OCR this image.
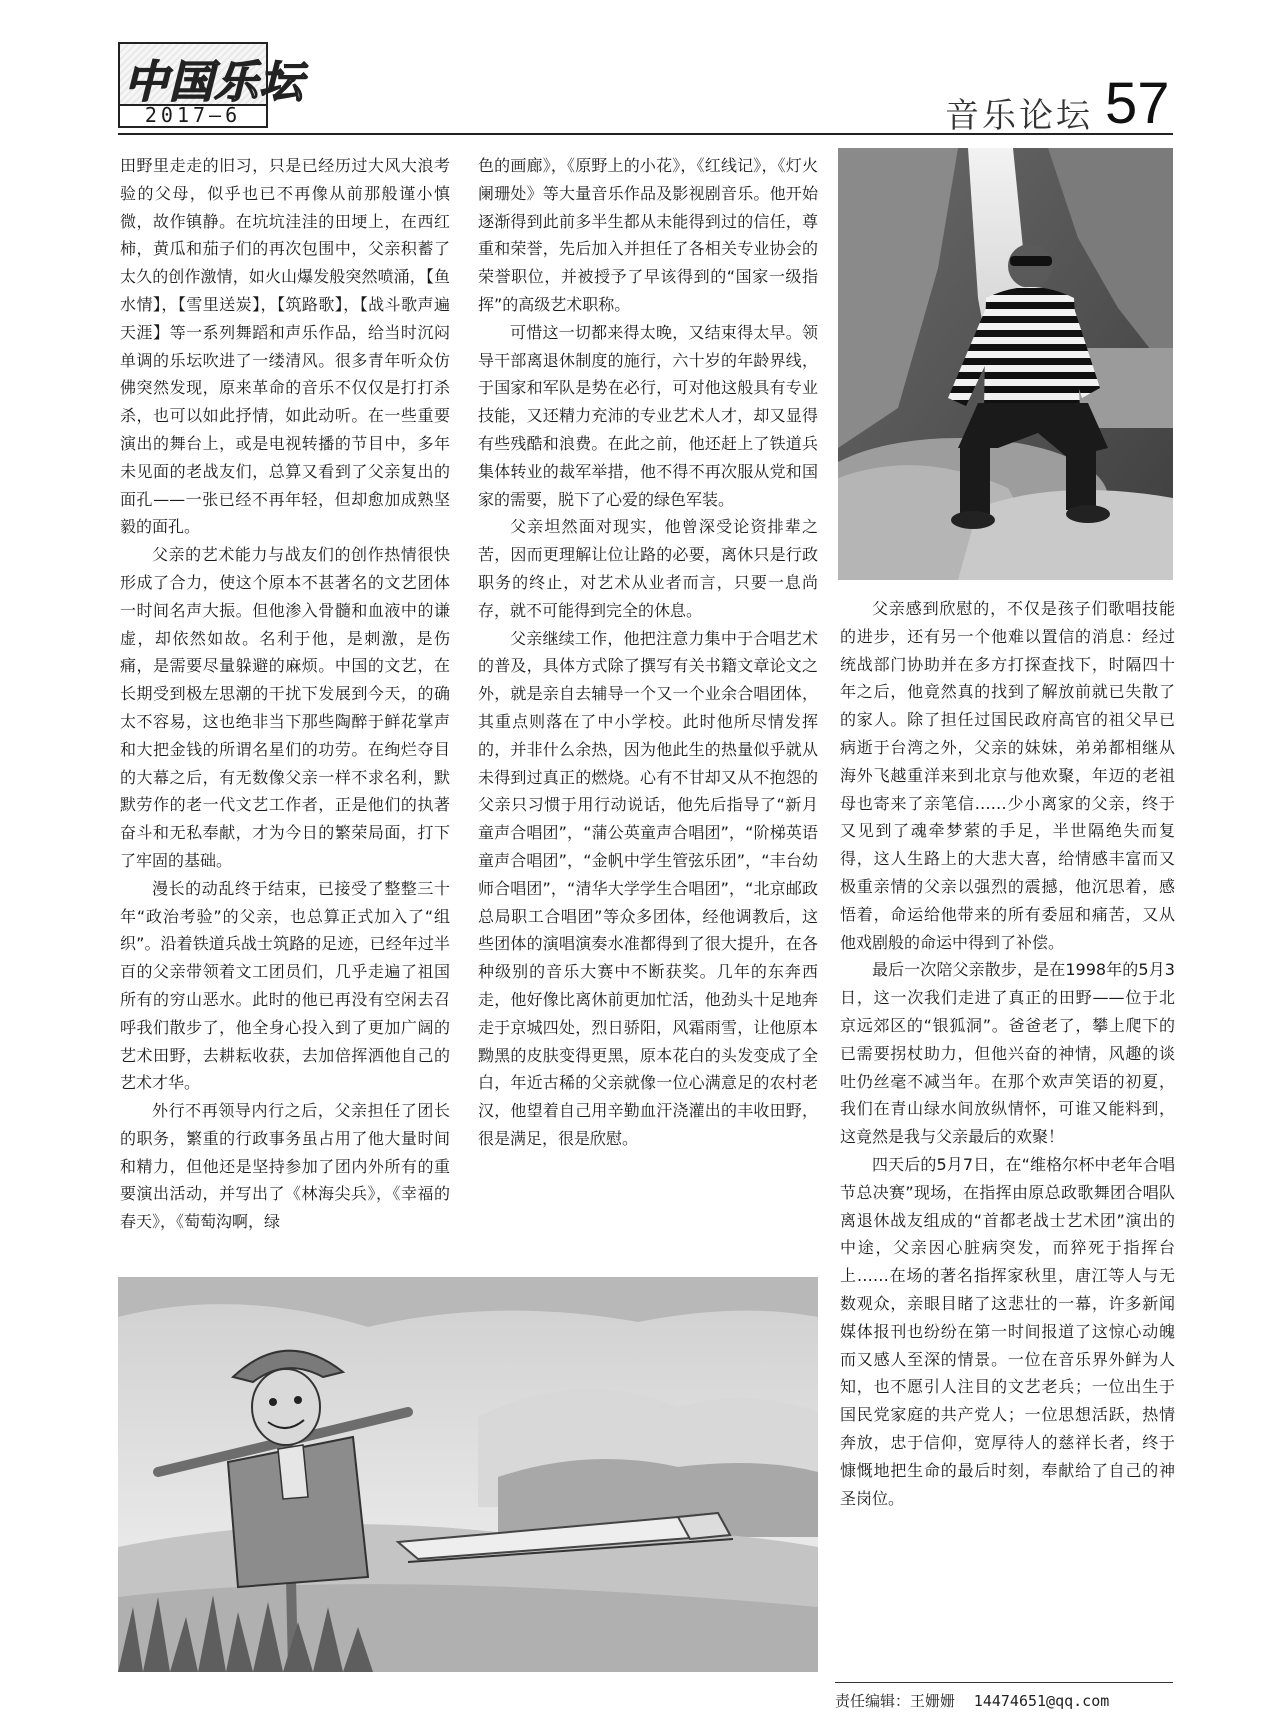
中国乐坛
2017—6	音乐论坛 57

田野里走走的旧习，只是已经历过大风大浪考验的父母，似乎也已不再像从前那般谨小慎微，故作镇静。在坑坑洼洼的田埂上，在西红柿，黄瓜和茄子们的再次包围中，父亲积蓄了太久的创作激情，如火山爆发般突然喷涌，【鱼水情】，【雪里送炭】，【筑路歌】，【战斗歌声遍天涯】等一系列舞蹈和声乐作品，给当时沉闷单调的乐坛吹进了一缕清风。很多青年听众仿佛突然发现，原来革命的音乐不仅仅是打打杀杀，也可以如此抒情，如此动听。在一些重要演出的舞台上，或是电视转播的节目中，多年未见面的老战友们，总算又看到了父亲复出的面孔——一张已经不再年轻，但却愈加成熟坚毅的面孔。

父亲的艺术能力与战友们的创作热情很快形成了合力，使这个原本不甚著名的文艺团体一时间名声大振。但他渗入骨髓和血液中的谦虚，却依然如故。名利于他，是刺激，是伤痛，是需要尽量躲避的麻烦。中国的文艺，在长期受到极左思潮的干扰下发展到今天，的确太不容易，这也绝非当下那些陶醉于鲜花掌声和大把金钱的所谓名星们的功劳。在绚烂夺目的大幕之后，有无数像父亲一样不求名利，默默劳作的老一代文艺工作者，正是他们的执著奋斗和无私奉献，才为今日的繁荣局面，打下了牢固的基础。

漫长的动乱终于结束，已接受了整整三十年“政治考验”的父亲，也总算正式加入了“组织”。沿着铁道兵战士筑路的足迹，已经年过半百的父亲带领着文工团员们，几乎走遍了祖国所有的穷山恶水。此时的他已再没有空闲去召呼我们散步了，他全身心投入到了更加广阔的艺术田野，去耕耘收获，去加倍挥洒他自己的艺术才华。

外行不再领导内行之后，父亲担任了团长的职务，繁重的行政事务虽占用了他大量时间和精力，但他还是坚持参加了团内外所有的重要演出活动，并写出了《林海尖兵》，《幸福的春天》，《萄萄沟啊，绿

色的画廊》，《原野上的小花》，《红线记》，《灯火阑珊处》等大量音乐作品及影视剧音乐。他开始逐渐得到此前多半生都从未能得到过的信任，尊重和荣誉，先后加入并担任了各相关专业协会的荣誉职位，并被授予了早该得到的“国家一级指挥”的高级艺术职称。

可惜这一切都来得太晚，又结束得太早。领导干部离退休制度的施行，六十岁的年龄界线，于国家和军队是势在必行，可对他这般具有专业技能，又还精力充沛的专业艺术人才，却又显得有些残酷和浪费。在此之前，他还赶上了铁道兵集体转业的裁军举措，他不得不再次服从党和国家的需要，脱下了心爱的绿色军装。

父亲坦然面对现实，他曾深受论资排辈之苦，因而更理解让位让路的必要，离休只是行政职务的终止，对艺术从业者而言，只要一息尚存，就不可能得到完全的休息。

父亲继续工作，他把注意力集中于合唱艺术的普及，具体方式除了撰写有关书籍文章论文之外，就是亲自去辅导一个又一个业余合唱团体，其重点则落在了中小学校。此时他所尽情发挥的，并非什么余热，因为他此生的热量似乎就从未得到过真正的燃烧。心有不甘却又从不抱怨的父亲只习惯于用行动说话，他先后指导了“新月童声合唱团”，“蒲公英童声合唱团”，“阶梯英语童声合唱团”，“金帆中学生管弦乐团”，“丰台幼师合唱团”，“清华大学学生合唱团”，“北京邮政总局职工合唱团”等众多团体，经他调教后，这些团体的演唱演奏水准都得到了很大提升，在各种级别的音乐大赛中不断获奖。几年的东奔西走，他好像比离休前更加忙活，他劲头十足地奔走于京城四处，烈日骄阳，风霜雨雪，让他原本黝黑的皮肤变得更黑，原本花白的头发变成了全白，年近古稀的父亲就像一位心满意足的农村老汉，他望着自己用辛勤血汗浇灌出的丰收田野，很是满足，很是欣慰。

父亲感到欣慰的，不仅是孩子们歌唱技能的进步，还有另一个他难以置信的消息：经过统战部门协助并在多方打探查找下，时隔四十年之后，他竟然真的找到了解放前就已失散了的家人。除了担任过国民政府高官的祖父早已病逝于台湾之外，父亲的妹妹，弟弟都相继从海外飞越重洋来到北京与他欢聚，年迈的老祖母也寄来了亲笔信……少小离家的父亲，终于又见到了魂牵梦萦的手足，半世隔绝失而复得，这人生路上的大悲大喜，给情感丰富而又极重亲情的父亲以强烈的震撼，他沉思着，感悟着，命运给他带来的所有委屈和痛苦，又从他戏剧般的命运中得到了补偿。

最后一次陪父亲散步，是在1998年的5月3日，这一次我们走进了真正的田野——位于北京远郊区的“银狐洞”。爸爸老了，攀上爬下的已需要拐杖助力，但他兴奋的神情，风趣的谈吐仍丝毫不减当年。在那个欢声笑语的初夏，我们在青山绿水间放纵情怀，可谁又能料到，这竟然是我与父亲最后的欢聚！

四天后的5月7日，在“维格尔杯中老年合唱节总决赛”现场，在指挥由原总政歌舞团合唱队离退休战友组成的“首都老战士艺术团”演出的中途，父亲因心脏病突发，而猝死于指挥台上……在场的著名指挥家秋里，唐江等人与无数观众，亲眼目睹了这悲壮的一幕，许多新闻媒体报刊也纷纷在第一时间报道了这惊心动魄而又感人至深的情景。一位在音乐界外鲜为人知，也不愿引人注目的文艺老兵；一位出生于国民党家庭的共产党人；一位思想活跃，热情奔放，忠于信仰，宽厚待人的慈祥长者，终于慷慨地把生命的最后时刻，奉献给了自己的神圣岗位。

责任编辑：王姗姗 14474651@qq.com
